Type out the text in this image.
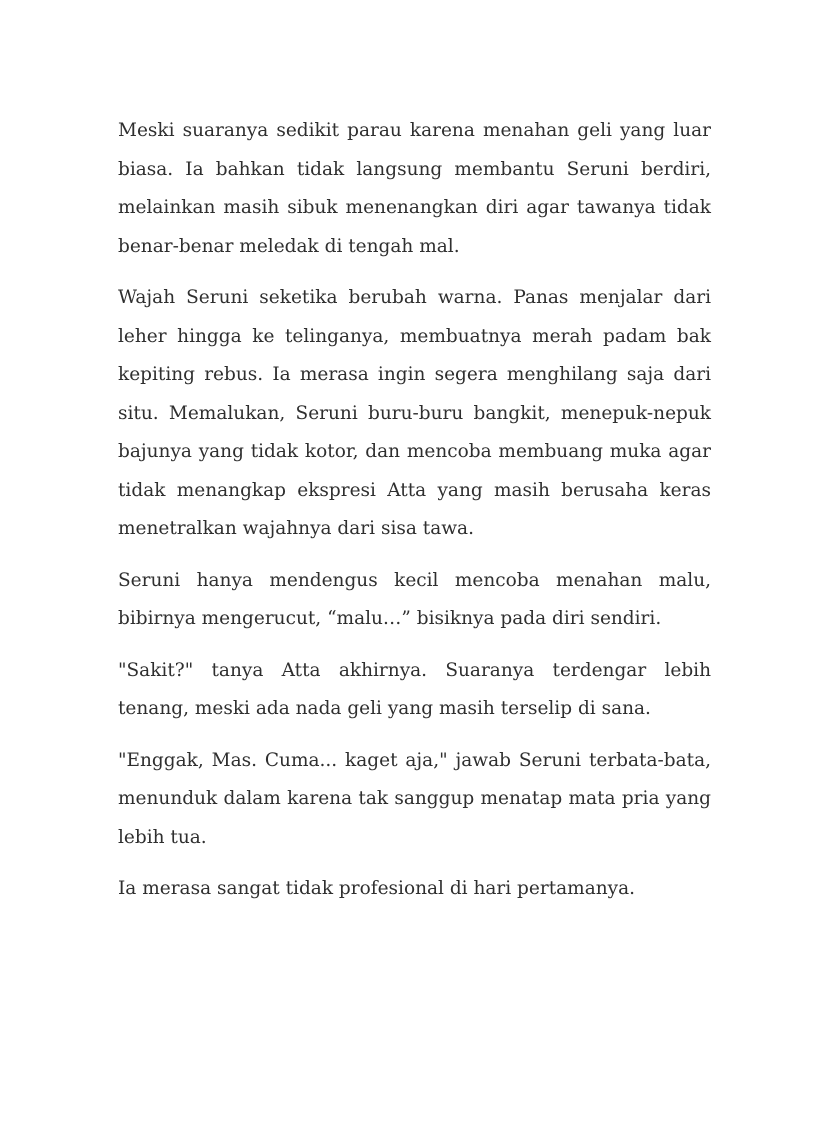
Meski suaranya sedikit parau karena menahan geli yang luar biasa. Ia bahkan tidak langsung membantu Seruni berdiri, melainkan masih sibuk menenangkan diri agar tawanya tidak benar-benar meledak di tengah mal.

Wajah Seruni seketika berubah warna. Panas menjalar dari leher hingga ke telinganya, membuatnya merah padam bak kepiting rebus. Ia merasa ingin segera menghilang saja dari situ. Memalukan, Seruni buru-buru bangkit, menepuk-nepuk bajunya yang tidak kotor, dan mencoba membuang muka agar tidak menangkap ekspresi Atta yang masih berusaha keras menetralkan wajahnya dari sisa tawa.

Seruni hanya mendengus kecil mencoba menahan malu, bibirnya mengerucut, “malu…” bisiknya pada diri sendiri.

"Sakit?" tanya Atta akhirnya. Suaranya terdengar lebih tenang, meski ada nada geli yang masih terselip di sana.

"Enggak, Mas. Cuma... kaget aja," jawab Seruni terbata-bata, menunduk dalam karena tak sanggup menatap mata pria yang lebih tua.

Ia merasa sangat tidak profesional di hari pertamanya.
